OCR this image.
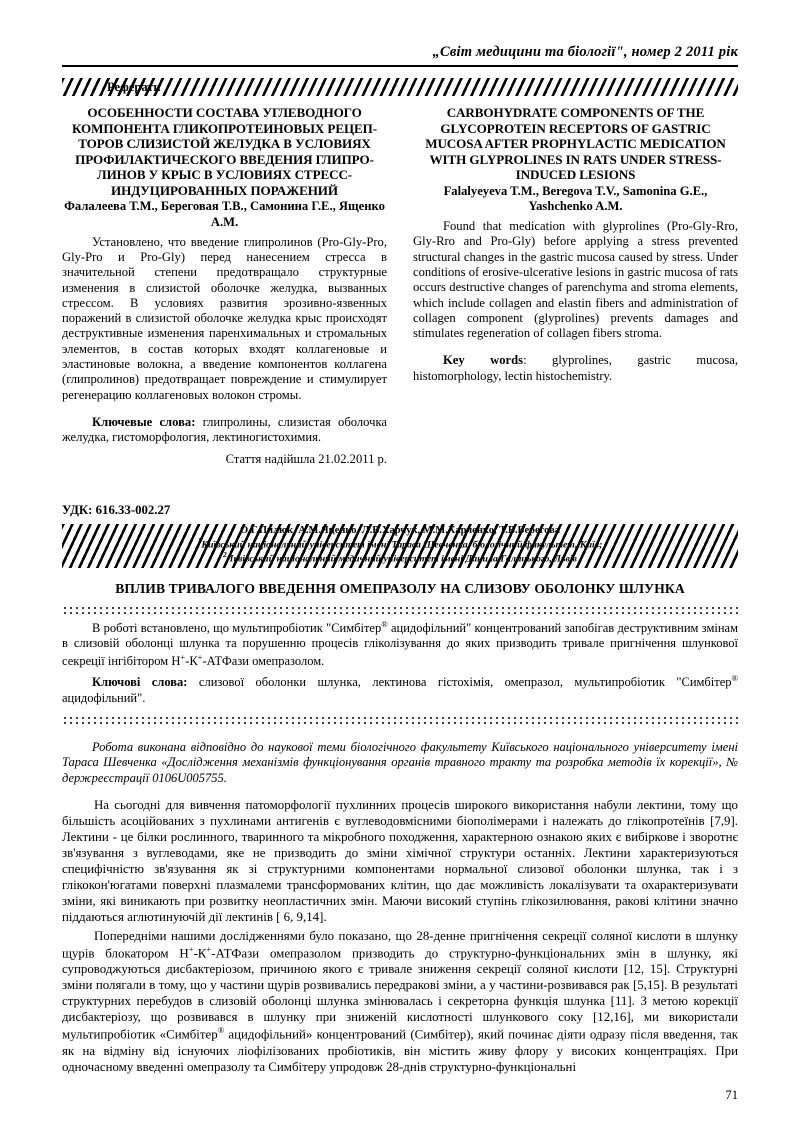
„Світ медицини та біології", номер 2 2011 рік
Реферати
ОСОБЕННОСТИ СОСТАВА УГЛЕВОДНОГО КОМПОНЕНТА ГЛИКОПРОТЕИНОВЫХ РЕЦЕП-ТОРОВ СЛИЗИСТОЙ ЖЕЛУДКА В УСЛОВИЯХ ПРОФИЛАКТИЧЕСКОГО ВВЕДЕНИЯ ГЛИПРО-ЛИНОВ У КРЫС В УСЛОВИЯХ СТРЕСС-ИНДУЦИРОВАННЫХ ПОРАЖЕНИЙ
Фалалеева Т.М., Береговая Т.В., Самонина Г.Е., Ященко А.М.
Установлено, что введение глипролинов (Pro-Gly-Pro, Gly-Pro и Pro-Gly) перед нанесением стресса в значительной степени предотвращало структурные изменения в слизистой оболочке желудка, вызванных стрессом. В условиях развития эрозивно-язвенных поражений в слизистой оболочке желудка крыс происходят деструктивные изменения паренхимальных и стромальных элементов, в состав которых входят коллагеновые и эластиновые волокна, а введение компонентов коллагена (глипролинов) предотвращает повреждение и стимулирует регенерацию коллагеновых волокон стромы.
Ключевые слова: глипролины, слизистая оболочка желудка, гистоморфология, лектиногистохимия.
Стаття надійшла 21.02.2011 р.
CARBOHYDRATE COMPONENTS OF THE GLYCOPROTEIN RECEPTORS OF GASTRIC MUCOSA AFTER PROPHYLACTIC MEDICATION WITH GLYPROLINES IN RATS UNDER STRESS-INDUCED LESIONS
Falalyeyeva T.M., Beregova T.V., Samonina G.E., Yashchenko A.M.
Found that medication with glyprolines (Pro-Gly-Rro, Gly-Rro and Pro-Gly) before applying a stress prevented structural changes in the gastric mucosa caused by stress. Under conditions of erosive-ulcerative lesions in gastric mucosa of rats occurs destructive changes of parenchyma and stroma elements, which include collagen and elastin fibers and administration of collagen component (glyprolines) prevents damages and stimulates regeneration of collagen fibers stroma.
Key words: glyprolines, gastric mucosa, histomorphology, lectin histochemistry.
УДК: 616.33-002.27
О.Г.Пилюк, А.М.Яценко, Л.В.Харчук, М.М.Харченко, Т.В.Берегова
$^1$Київський національний університет імені Тараса Шевченка, біологічний факультет, Київ;
$^2$Львівський національний медичний університет імені Данила Галицького, Львів
ВПЛИВ ТРИВАЛОГО ВВЕДЕННЯ ОМЕПРАЗОЛУ НА СЛИЗОВУ ОБОЛОНКУ ШЛУНКА
В роботі встановлено, що мультипробіотик "Симбітер® ацидофільний" концентрований запобігав деструктивним змінам в слизовій оболонці шлунка та порушенню процесів гліколізування до яких призводить тривале пригнічення шлункової секреції інгібітором Н+-К+-АТФази омепразолом.
Ключові слова: слизової оболонки шлунка, лектинова гістохімія, омепразол, мультипробіотик "Симбітер® ацидофільний".
Робота виконана відповідно до наукової теми біологічного факультету Київського національного університету імені Тараса Шевченка «Дослідження механізмів функціонування органів травного тракту та розробка методів їх корекції», № держреєстрації 0106U005755.
На сьогодні для вивчення патоморфології пухлинних процесів широкого використання набули лектини, тому що більшість асоційованих з пухлинами антигенів є вуглеводовмісними біополімерами і належать до глікопротеїнів [7,9]. Лектини - це білки рослинного, тваринного та мікробного походження, характерною ознакою яких є вибіркове і зворотнє зв'язування з вуглеводами, яке не призводить до зміни хімічної структури останніх. Лектини характеризуються специфічністю зв'язування як зі структурними компонентами нормальної слизової оболонки шлунка, так і з глікокон'югатами поверхні плазмалеми трансформованих клітин, що дає можливість локалізувати та охарактеризувати зміни, які виникають при розвитку неопластичних змін. Маючи високий ступінь глікозилювання, ракові клітини значно піддаються аглютинуючій дії лектинів [ 6, 9,14].
Попередніми нашими дослідженнями було показано, що 28-денне пригнічення секреції соляної кислоти в шлунку щурів блокатором Н+-К+-АТФази омепразолом призводить до структурно-функціональних змін в шлунку, які супроводжуються дисбактеріозом, причиною якого є тривале зниження секреції соляної кислоти [12, 15]. Структурні зміни полягали в тому, що у частини щурів розвивались передракові зміни, а у частини-розвивався рак [5,15]. В результаті структурних перебудов в слизовій оболонці шлунка змінювалась і секреторна функція шлунка [11]. З метою корекції дисбактеріозу, що розвивався в шлунку при зниженій кислотності шлункового соку [12,16], ми використали мультипробіотик «Симбітер® ацидофільний» концентрований (Симбітер), який починає діяти одразу після введення, так як на відміну від існуючих ліофілізованих пробіотиків, він містить живу флору у високих концентраціях. При одночасному введенні омепразолу та Симбітеру упродовж 28-днів структурно-функціональні
71
